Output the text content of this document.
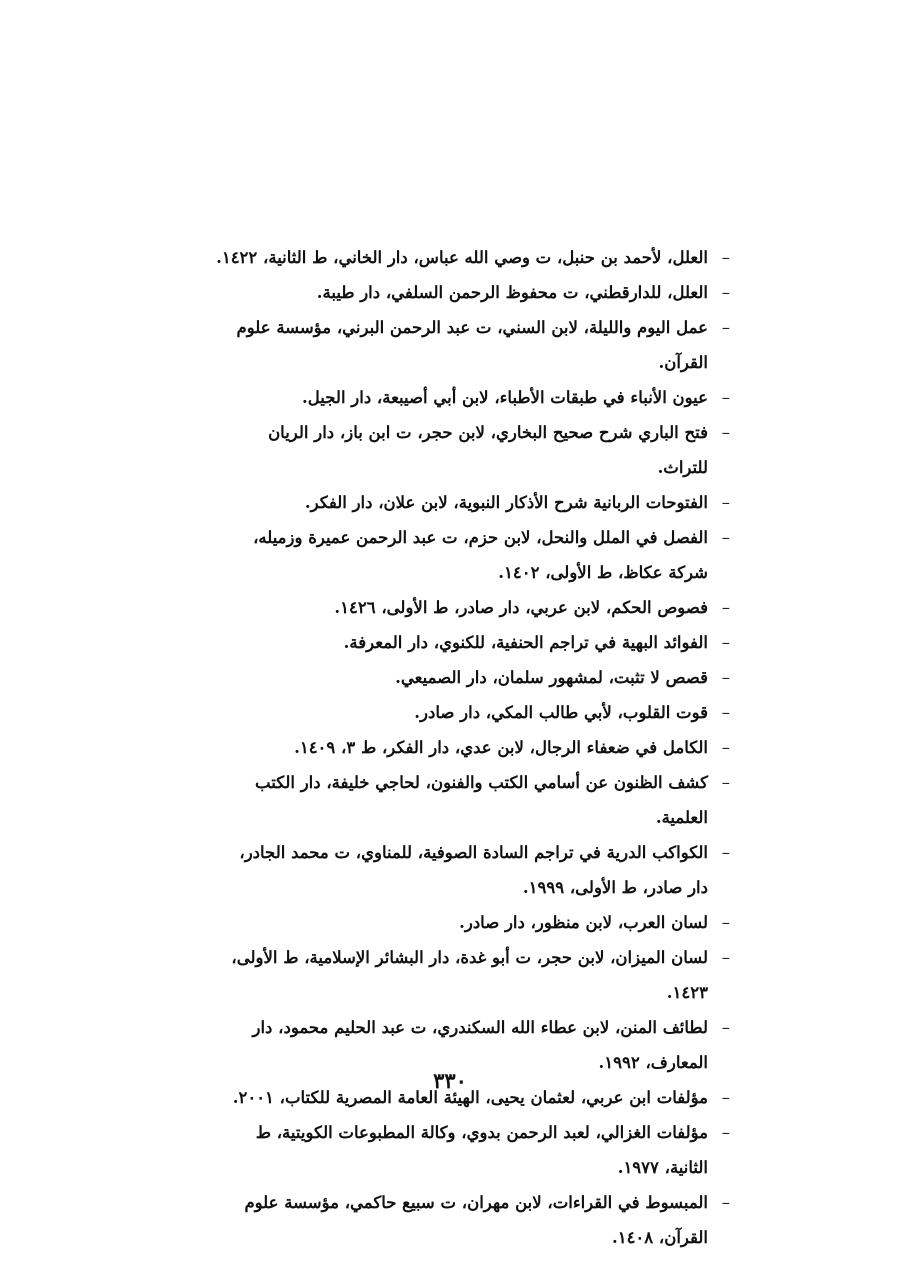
–
العلل، لأحمد بن حنبل، ت وصي الله عباس، دار الخاني، ط الثانية، ١٤٢٢.
–
العلل، للدارقطني، ت محفوظ الرحمن السلفي، دار طيبة.
–
عمل اليوم والليلة، لابن السني، ت عبد الرحمن البرني، مؤسسة علوم القرآن.
–
عيون الأنباء في طبقات الأطباء، لابن أبي أصيبعة، دار الجيل.
–
فتح الباري شرح صحيح البخاري، لابن حجر، ت ابن باز، دار الريان للتراث.
–
الفتوحات الربانية شرح الأذكار النبوية، لابن علان، دار الفكر.
–
الفصل في الملل والنحل، لابن حزم، ت عبد الرحمن عميرة وزميله، شركة عكاظ، ط الأولى، ١٤٠٢.
–
فصوص الحكم، لابن عربي، دار صادر، ط الأولى، ١٤٢٦.
–
الفوائد البهية في تراجم الحنفية، للكنوي، دار المعرفة.
–
قصص لا تثبت، لمشهور سلمان، دار الصميعي.
–
قوت القلوب، لأبي طالب المكي، دار صادر.
–
الكامل في ضعفاء الرجال، لابن عدي، دار الفكر، ط ٣، ١٤٠٩.
–
كشف الظنون عن أسامي الكتب والفنون، لحاجي خليفة، دار الكتب العلمية.
–
الكواكب الدرية في تراجم السادة الصوفية، للمناوي، ت محمد الجادر، دار صادر، ط الأولى، ١٩٩٩.
–
لسان العرب، لابن منظور، دار صادر.
–
لسان الميزان، لابن حجر، ت أبو غدة، دار البشائر الإسلامية، ط الأولى، ١٤٢٣.
–
لطائف المنن، لابن عطاء الله السكندري، ت عبد الحليم محمود، دار المعارف، ١٩٩٢.
–
مؤلفات ابن عربي، لعثمان يحيى، الهيئة العامة المصرية للكتاب، ٢٠٠١.
–
مؤلفات الغزالي، لعبد الرحمن بدوي، وكالة المطبوعات الكويتية، ط الثانية، ١٩٧٧.
–
المبسوط في القراءات، لابن مهران، ت سبيع حاكمي، مؤسسة علوم القرآن، ١٤٠٨.
٣٣٠
